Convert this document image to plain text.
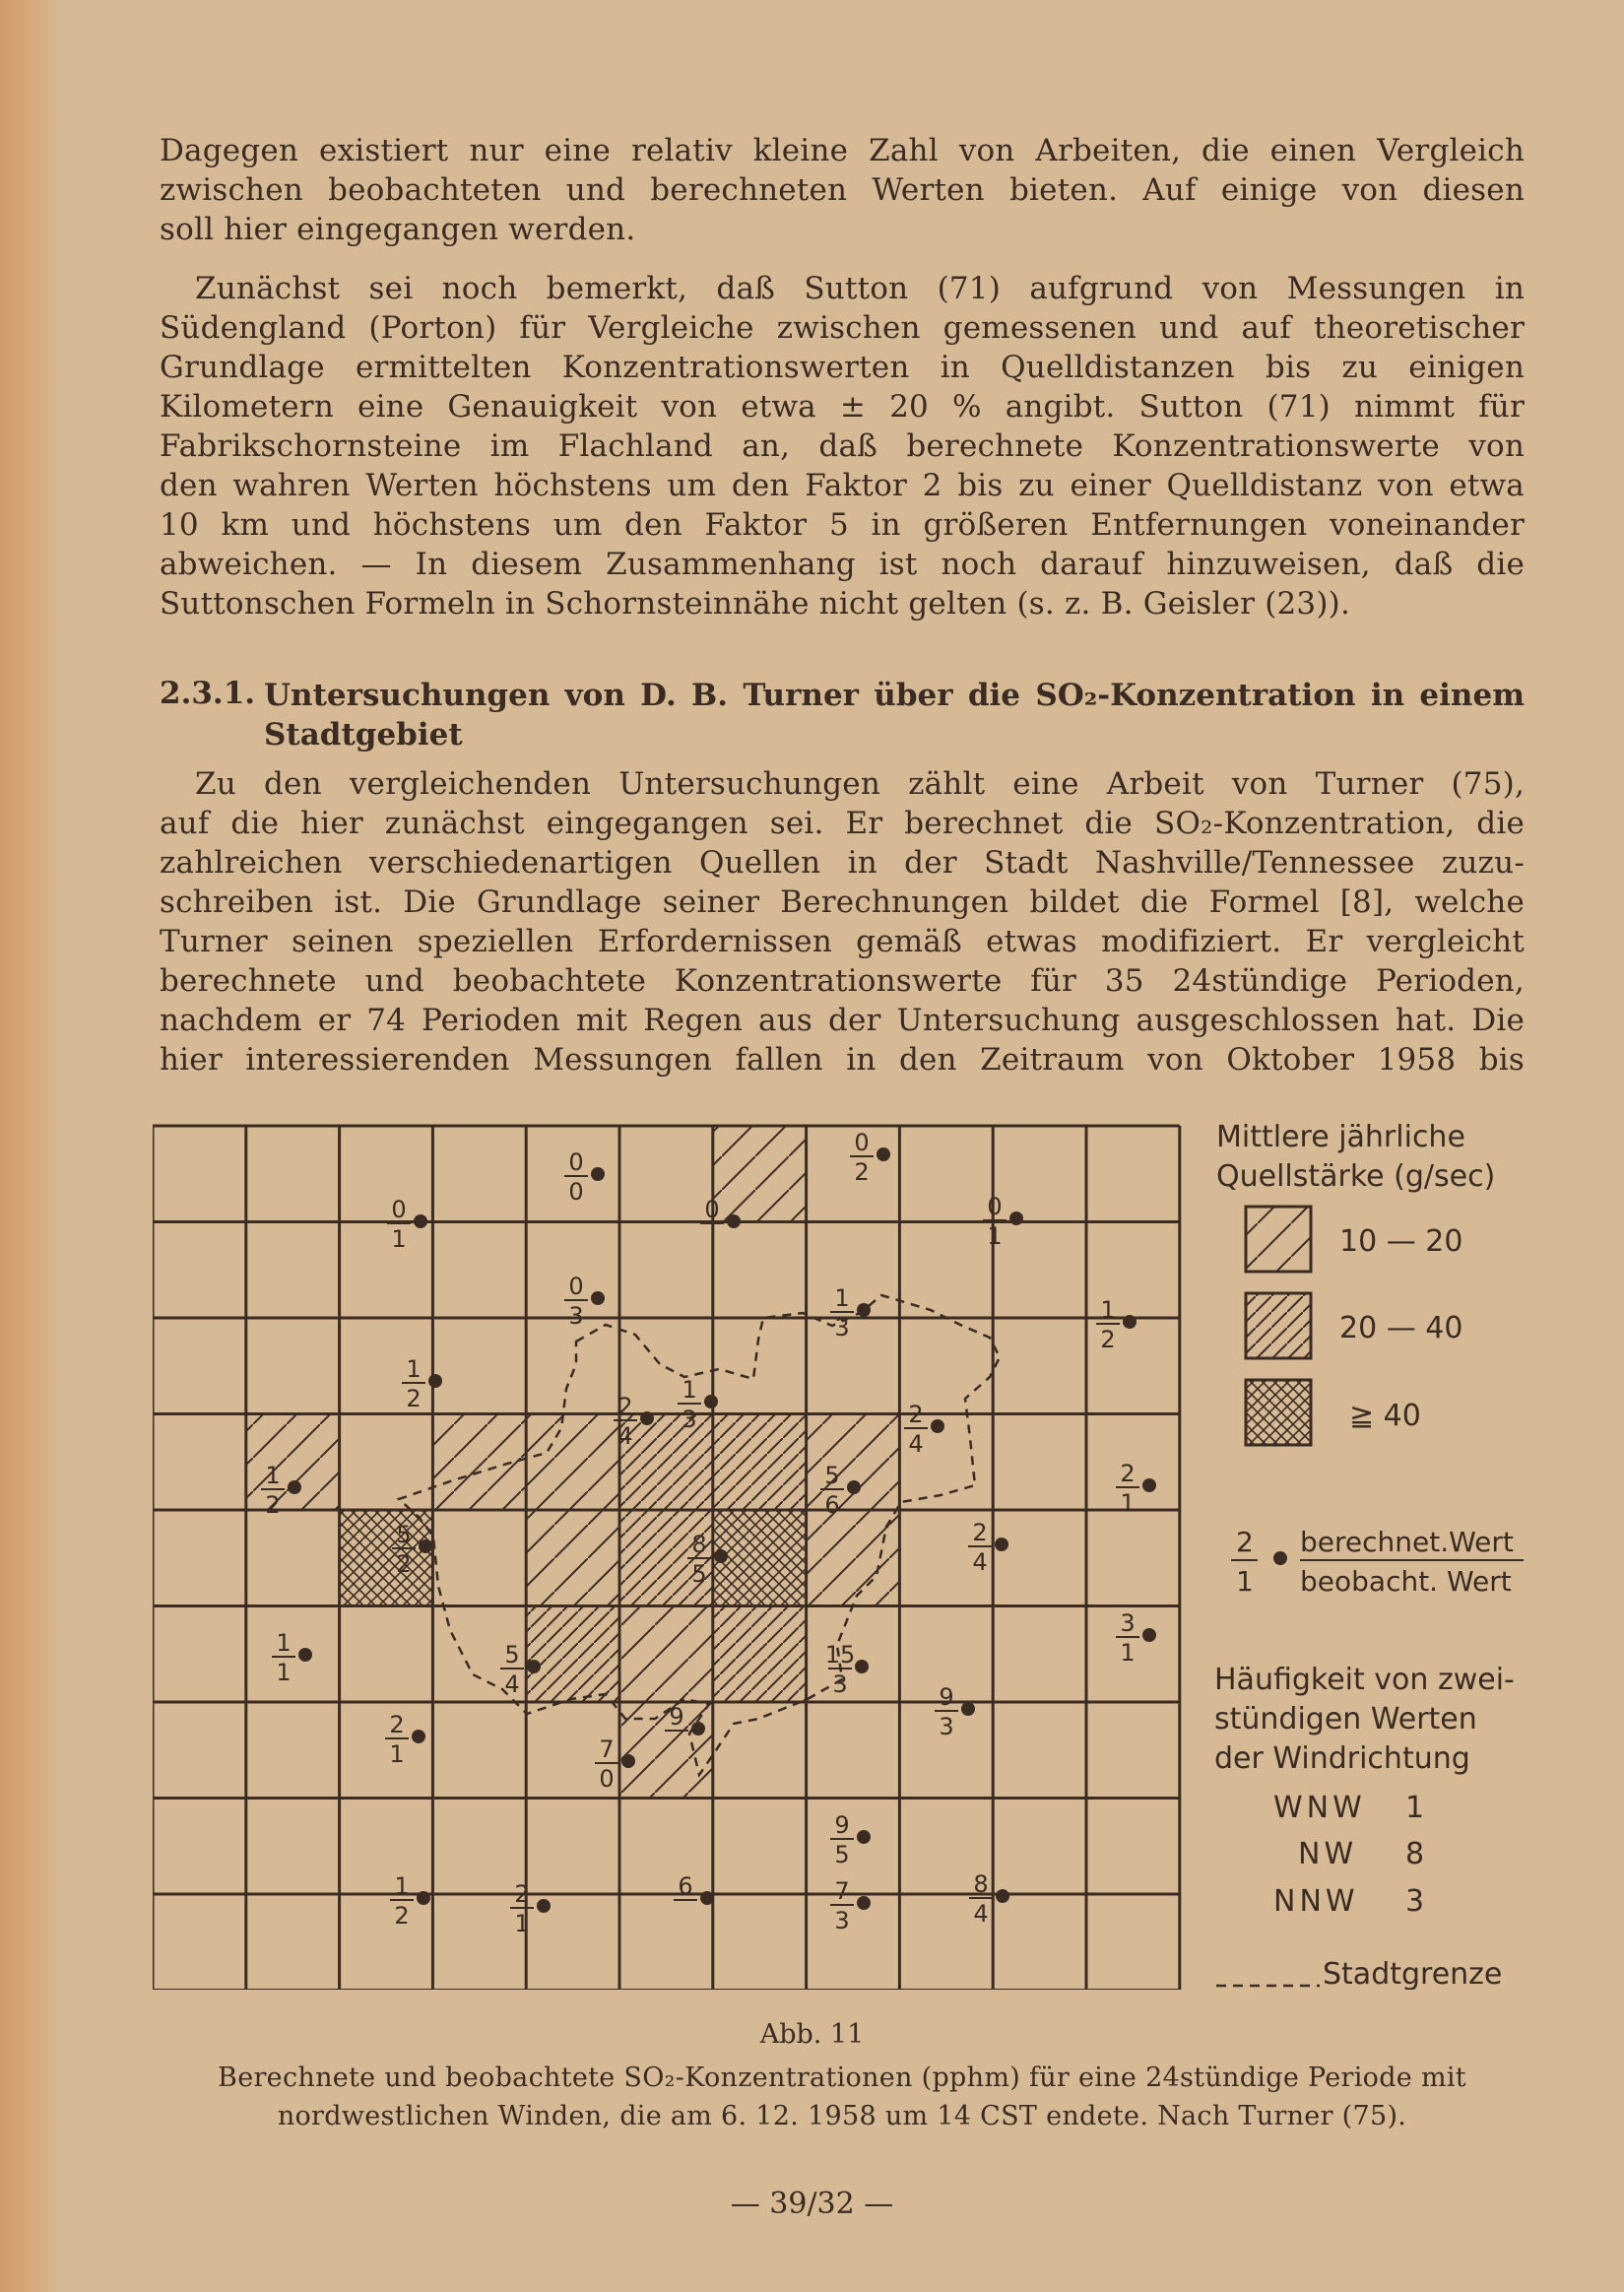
Dagegen existiert nur eine relativ kleine Zahl von Arbeiten, die einen Vergleich
zwischen beobachteten und berechneten Werten bieten. Auf einige von diesen
soll hier eingegangen werden.
Zunächst sei noch bemerkt, daß Sutton (71) aufgrund von Messungen in
Südengland (Porton) für Vergleiche zwischen gemessenen und auf theoretischer
Grundlage ermittelten Konzentrationswerten in Quelldistanzen bis zu einigen
Kilometern eine Genauigkeit von etwa ± 20 % angibt. Sutton (71) nimmt für
Fabrikschornsteine im Flachland an, daß berechnete Konzentrationswerte von
den wahren Werten höchstens um den Faktor 2 bis zu einer Quelldistanz von etwa
10 km und höchstens um den Faktor 5 in größeren Entfernungen voneinander
abweichen. — In diesem Zusammenhang ist noch darauf hinzuweisen, daß die
Suttonschen Formeln in Schornsteinnähe nicht gelten (s. z. B. Geisler (23)).
2.3.1. Untersuchungen von D. B. Turner über die SO₂-Konzentration in einem Stadtgebiet
Zu den vergleichenden Untersuchungen zählt eine Arbeit von Turner (75),
auf die hier zunächst eingegangen sei. Er berechnet die SO₂-Konzentration, die
zahlreichen verschiedenartigen Quellen in der Stadt Nashville/Tennessee zuzu-
schreiben ist. Die Grundlage seiner Berechnungen bildet die Formel [8], welche
Turner seinen speziellen Erfordernissen gemäß etwas modifiziert. Er vergleicht
berechnete und beobachtete Konzentrationswerte für 35 24stündige Perioden,
nachdem er 74 Perioden mit Regen aus der Untersuchung ausgeschlossen hat. Die
hier interessierenden Messungen fallen in den Zeitraum von Oktober 1958 bis
0
0
0
2
0
1
0
0
1
0
3
1
3
1
2
1
2	1
3
2
4
2
4
1
2
5
6
2
1
5
2
8
5
2
4
1
1
5
4
15
3
3
1
9
3
2
1
9
7
0
9
5
1
2
2
1
6	7
3
8
4
Mittlere jährliche
Quellstärke (g/sec)
10 — 20
20 — 40
≧ 40
2
1
berechnet.Wert
beobacht. Wert
Häufigkeit von zwei-
stündigen Werten
der Windrichtung
WNW 1
NW 8
NNW 3
Stadtgrenze
Abb. 11
Berechnete und beobachtete SO₂-Konzentrationen (pphm) für eine 24stündige Periode mit
nordwestlichen Winden, die am 6. 12. 1958 um 14 CST endete. Nach Turner (75).
— 39/32 —
